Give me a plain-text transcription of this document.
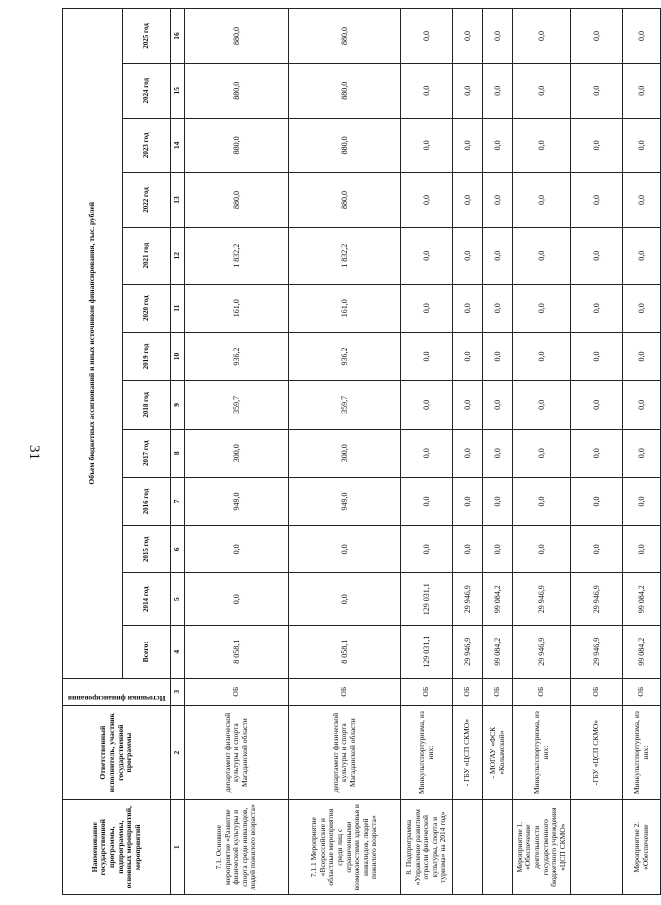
31
Наименование государственной программы, подпрограммы, основных мероприятий, мероприятий	Ответственный исполнитель, участник государственной программы	Источники финансирования	Объем бюджетных ассигнований и иных источников финансирования, тыс. рублей												
			Всего:	2014 год	2015 год	2016 год	2017 год	2018 год	2019 год	2020 год	2021 год	2022 год	2023 год	2024 год	2025 год
1	2	3	4	5	6	7	8	9	10	11	12	13	14	15	16
7.1. Основное мероприятие «Развитие физической культуры и спорта среди инвалидов, людей пожилого возраста»	департамент физической культуры и спорта Магаданской области	ОБ	8 058,1	0,0	0,0	949,0	300,0	359,7	936,2	161,0	1 832,2	880,0	880,0	880,0	880,0
7.1.1 Мероприятие «Всероссийские и областные мероприятия среди лиц с ограниченными возможностями здоровья и инвалидов, людей пожилого возраста»	департамент физической культуры и спорта Магаданской области	ОБ	8 058,1	0,0	0,0	949,0	300,0	359,7	936,2	161,0	1 832,2	880,0	880,0	880,0	880,0
8. Подпрограмма «Управление развитием отрасли физической культуры, спорта и туризма» на 2014 год»	Минкультспортуризма, из них:	ОБ	129 031,1	129 031,1	0,0	0,0	0,0	0,0	0,0	0,0	0,0	0,0	0,0	0,0	0,0
	- ГБУ «ЦСП СКМО»	ОБ	29 946,9	29 946,9	0,0	0,0	0,0	0,0	0,0	0,0	0,0	0,0	0,0	0,0	0,0
	- МОГАУ «ФСК «Колымский»	ОБ	99 084,2	99 084,2	0,0	0,0	0,0	0,0	0,0	0,0	0,0	0,0	0,0	0,0	0,0
Мероприятие 1. «Обеспечение деятельности государственного бюджетного учреждения «ЦСП СКМО»	Минкультспортуризма, из них:	ОБ	29 946,9	29 946,9	0,0	0,0	0,0	0,0	0,0	0,0	0,0	0,0	0,0	0,0	0,0
	-ГБУ «ЦСП СКМО»	ОБ	29 946,9	29 946,9	0,0	0,0	0,0	0,0	0,0	0,0	0,0	0,0	0,0	0,0	0,0
Мероприятие 2. «Обеспечение	Минкультспортуризма, из них:	ОБ	99 084,2	99 084,2	0,0	0,0	0,0	0,0	0,0	0,0	0,0	0,0	0,0	0,0	0,0
